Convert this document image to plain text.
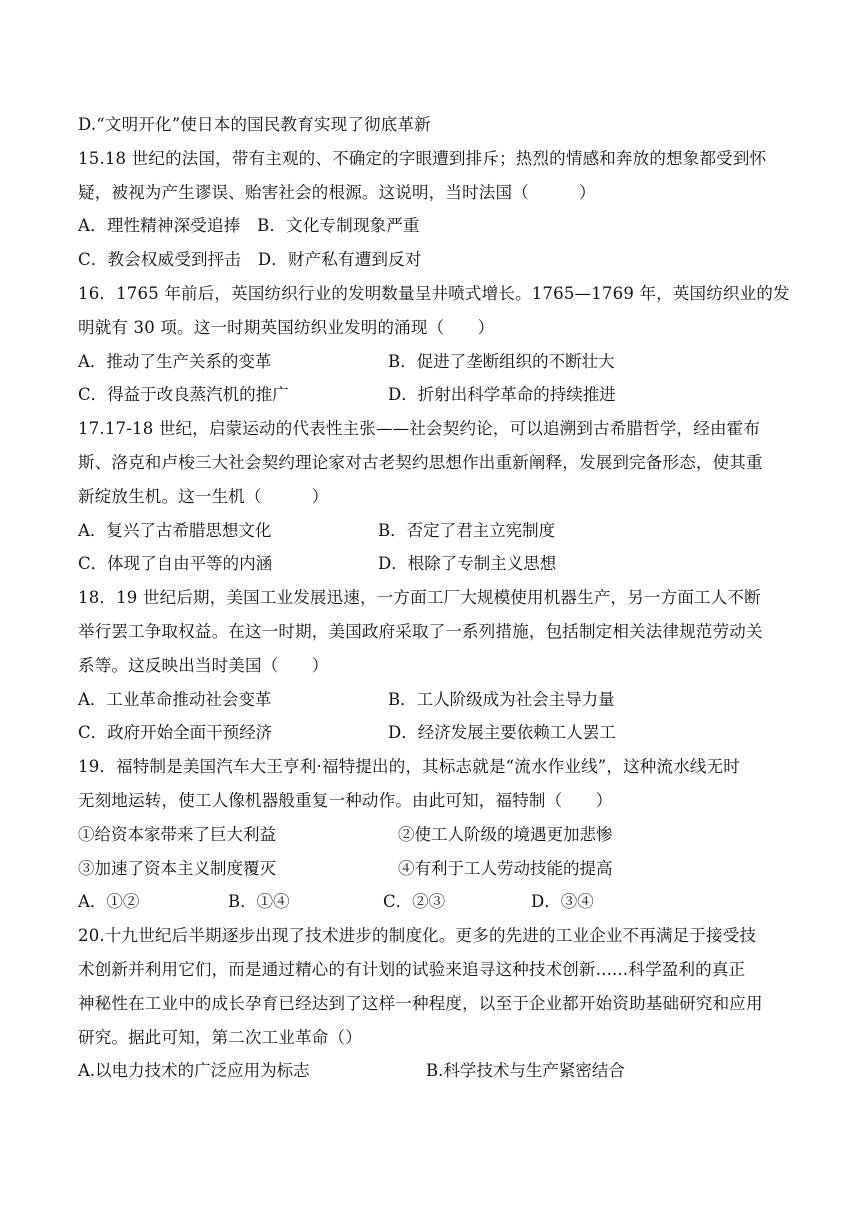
D.“文明开化”使日本的国民教育实现了彻底革新
15.18 世纪的法国，带有主观的、不确定的字眼遭到排斥；热烈的情感和奔放的想象都受到怀
疑，被视为产生谬误、贻害社会的根源。这说明，当时法国（　　　）
A．理性精神深受追捧　B．文化专制现象严重
C．教会权威受到抨击　D．财产私有遭到反对
16．1765 年前后，英国纺织行业的发明数量呈井喷式增长。1765—1769 年，英国纺织业的发
明就有 30 项。这一时期英国纺织业发明的涌现（　　）
A．推动了生产关系的变革	B．促进了垄断组织的不断壮大
C．得益于改良蒸汽机的推广	D．折射出科学革命的持续推进
17.17-18 世纪，启蒙运动的代表性主张——社会契约论，可以追溯到古希腊哲学，经由霍布
斯、洛克和卢梭三大社会契约理论家对古老契约思想作出重新阐释，发展到完备形态，使其重
新绽放生机。这一生机（　　　）
A．复兴了古希腊思想文化	B．否定了君主立宪制度
C．体现了自由平等的内涵	D．根除了专制主义思想
18．19 世纪后期，美国工业发展迅速，一方面工厂大规模使用机器生产，另一方面工人不断
举行罢工争取权益。在这一时期，美国政府采取了一系列措施，包括制定相关法律规范劳动关
系等。这反映出当时美国（　　）
A．工业革命推动社会变革	B．工人阶级成为社会主导力量
C．政府开始全面干预经济	D．经济发展主要依赖工人罢工
19．福特制是美国汽车大王亨利·福特提出的，其标志就是“流水作业线”，这种流水线无时
无刻地运转，使工人像机器般重复一种动作。由此可知，福特制（　　）
①给资本家带来了巨大利益	②使工人阶级的境遇更加悲惨
③加速了资本主义制度覆灭	④有利于工人劳动技能的提高
A．①②	B．①④	C．②③	D．③④
20.十九世纪后半期逐步出现了技术进步的制度化。更多的先进的工业企业不再满足于接受技
术创新并利用它们，而是通过精心的有计划的试验来追寻这种技术创新......科学盈利的真正
神秘性在工业中的成长孕育已经达到了这样一种程度，以至于企业都开始资助基础研究和应用
研究。据此可知，第二次工业革命（）
A.以电力技术的广泛应用为标志	B.科学技术与生产紧密结合
